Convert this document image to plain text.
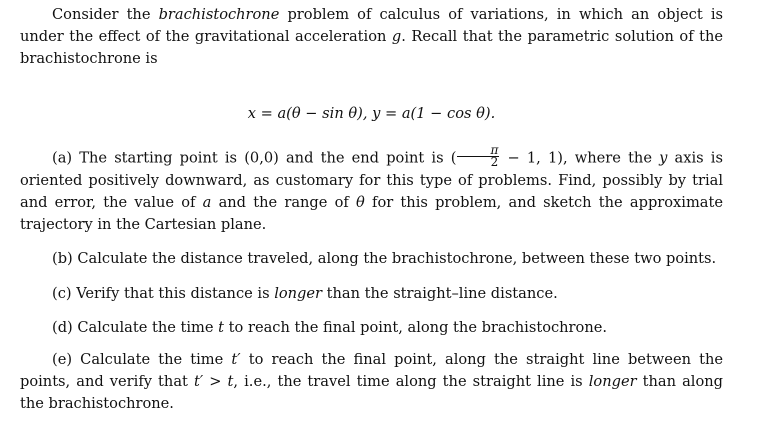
Consider the brachistochrone problem of calculus of variations, in which an object is under the effect of the gravitational acceleration g. Recall that the parametric solution of the brachistochrone is

x = a(θ − sin θ), y = a(1 − cos θ).

(a) The starting point is (0,0) and the end point is ( $\frac{\pi}{2} - 1$, 1), where the y axis is oriented positively downward, as customary for this type of problems. Find, possibly by trial and error, the value of a and the range of θ for this problem, and sketch the approximate trajectory in the Cartesian plane.

(b) Calculate the distance traveled, along the brachistochrone, between these two points.

(c) Verify that this distance is longer than the straight–line distance.

(d) Calculate the time t to reach the final point, along the brachistochrone.

(e) Calculate the time t′ to reach the final point, along the straight line between the points, and verify that t′ > t, i.e., the travel time along the straight line is longer than along the brachistochrone.
